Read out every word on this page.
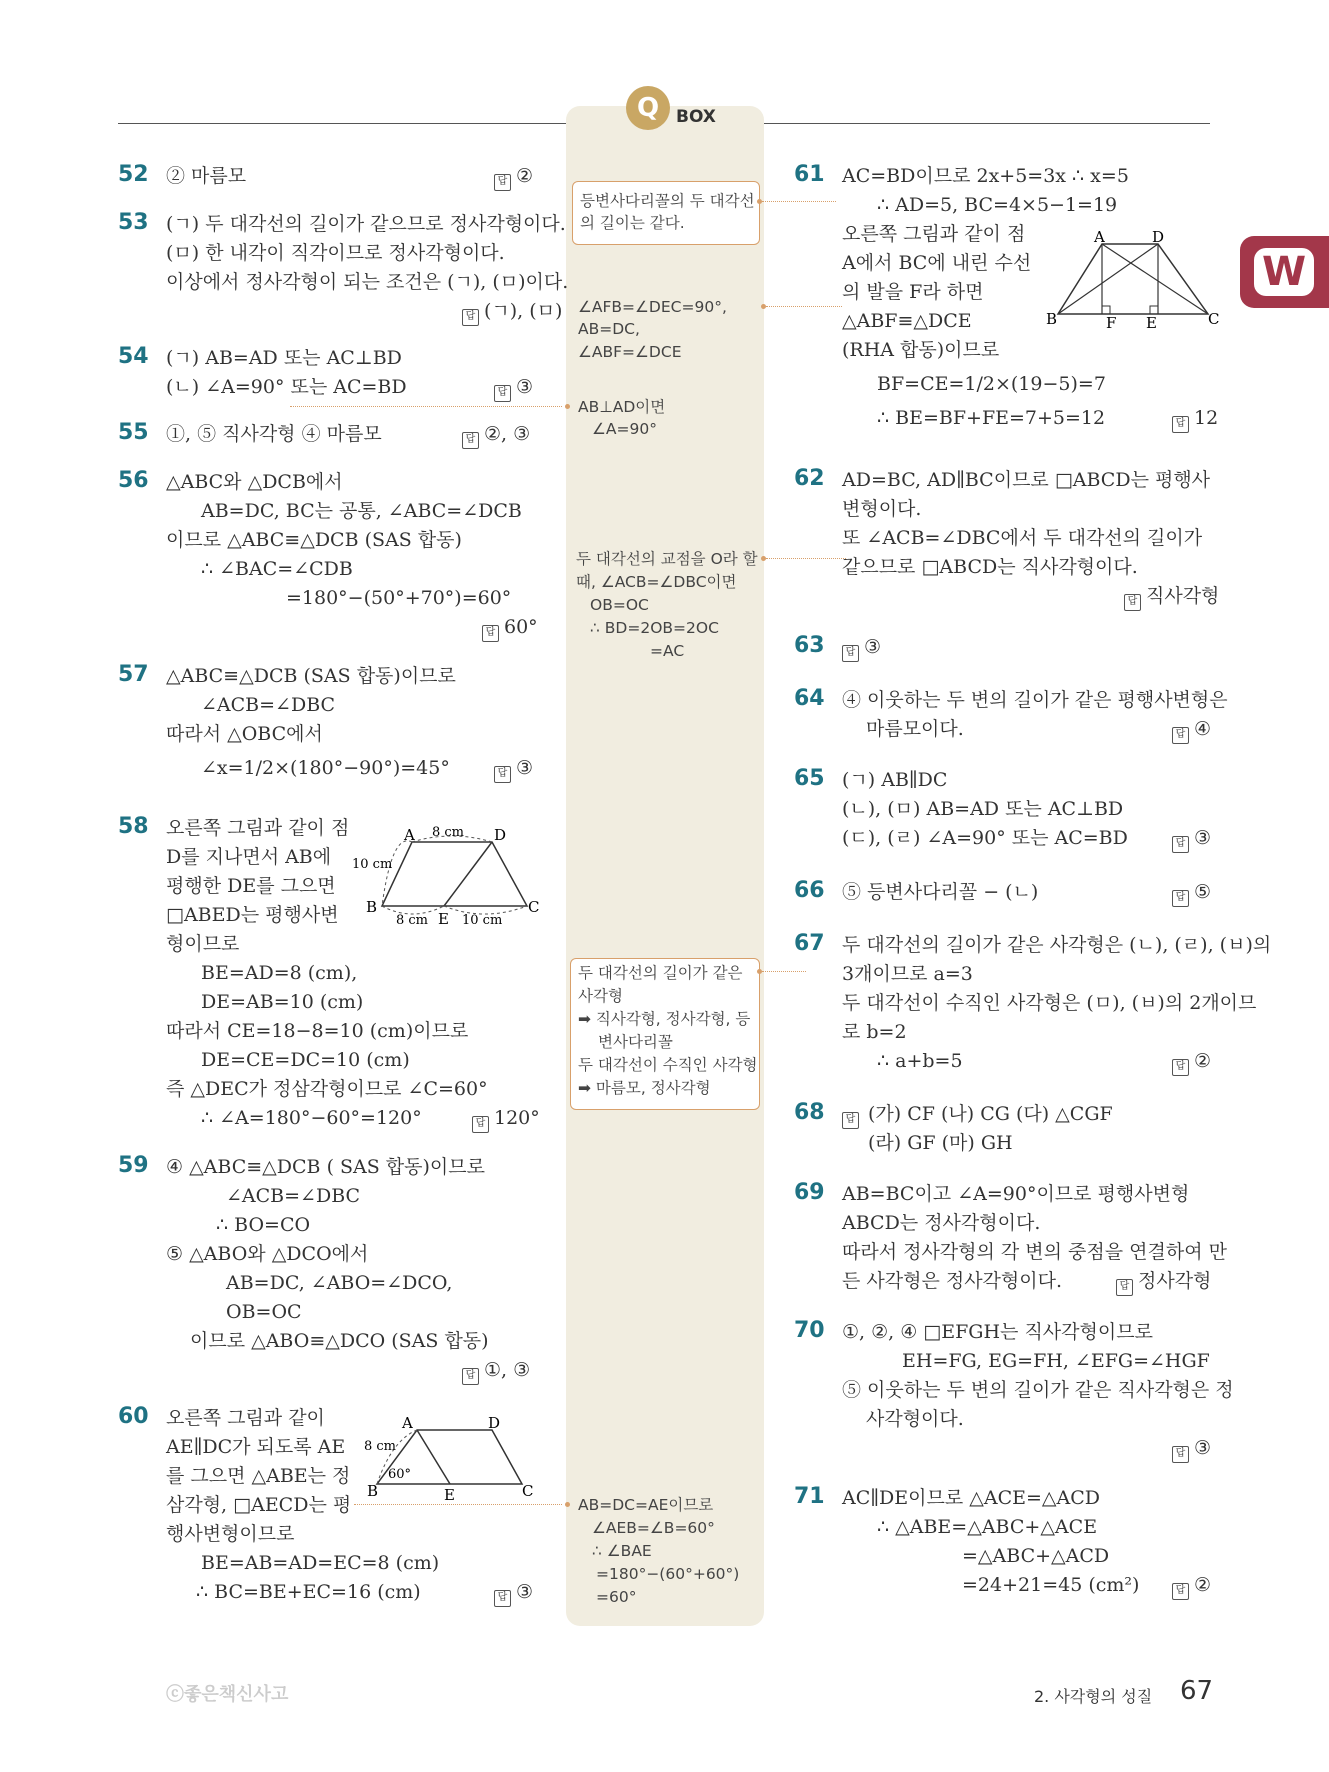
Q BOX
W
등변사다리꼴의 두 대각선
의 길이는 같다.
∠AFB=∠DEC=90°,
AB=DC,
∠ABF=∠DCE
AB⊥AD이면
∠A=90°
두 대각선의 교점을 O라 할
때, ∠ACB=∠DBC이면
OB=OC
∴ BD=2OB=2OC
=AC
두 대각선의 길이가 같은
사각형
➡ 직사각형, 정사각형, 등
변사다리꼴
두 대각선이 수직인 사각형
➡ 마름모, 정사각형
AB=DC=AE이므로
∠AEB=∠B=60°
∴ ∠BAE
=180°−(60°+60°)
=60°
A	D
B
E
C
8 cm
10 cm
8 cm	10 cm
A	D
B	E	C
8 cm
60°
A	D
B	F E	C
ⓒ좋은책신사고	2. 사각형의 성질 67
52 ② 마름모	답 ②
53 (ㄱ) 두 대각선의 길이가 같으므로 정사각형이다.
(ㅁ) 한 내각이 직각이므로 정사각형이다.
이상에서 정사각형이 되는 조건은 (ㄱ), (ㅁ)이다.
답 (ㄱ), (ㅁ)
54 (ㄱ) AB=AD 또는 AC⊥BD
(ㄴ) ∠A=90° 또는 AC=BD	답 ③
55 ①, ⑤ 직사각형 ④ 마름모	답 ②, ③
56 △ABC와 △DCB에서
AB=DC, BC는 공통, ∠ABC=∠DCB
이므로 △ABC≡△DCB (SAS 합동)
∴ ∠BAC=∠CDB
=180°−(50°+70°)=60°
답 60°
57 △ABC≡△DCB (SAS 합동)이므로
∠ACB=∠DBC
따라서 △OBC에서
∠x=1/2×(180°−90°)=45°	답 ③
58 오른쪽 그림과 같이 점
D를 지나면서 AB에
평행한 DE를 그으면
□ABED는 평행사변
형이므로
BE=AD=8 (cm),
DE=AB=10 (cm)
따라서 CE=18−8=10 (cm)이므로
DE=CE=DC=10 (cm)
즉 △DEC가 정삼각형이므로 ∠C=60°
∴ ∠A=180°−60°=120°	답 120°
59 ④ △ABC≡△DCB ( SAS 합동)이므로
∠ACB=∠DBC
∴ BO=CO
⑤ △ABO와 △DCO에서
AB=DC, ∠ABO=∠DCO,
OB=OC
이므로 △ABO≡△DCO (SAS 합동)
답 ①, ③
60 오른쪽 그림과 같이
AE∥DC가 되도록 AE
를 그으면 △ABE는 정
삼각형, □AECD는 평
행사변형이므로
BE=AB=AD=EC=8 (cm)
∴ BC=BE+EC=16 (cm)	답 ③
61 AC=BD이므로 2x+5=3x ∴ x=5
∴ AD=5, BC=4×5−1=19
오른쪽 그림과 같이 점
A에서 BC에 내린 수선
의 발을 F라 하면
△ABF≡△DCE
(RHA 합동)이므로
BF=CE=1/2×(19−5)=7
∴ BE=BF+FE=7+5=12	답 12
62 AD=BC, AD∥BC이므로 □ABCD는 평행사
변형이다.
또 ∠ACB=∠DBC에서 두 대각선의 길이가
같으므로 □ABCD는 직사각형이다.
답 직사각형
63	답 ③
64 ④ 이웃하는 두 변의 길이가 같은 평행사변형은
마름모이다.	답 ④
65 (ㄱ) AB∥DC
(ㄴ), (ㅁ) AB=AD 또는 AC⊥BD
(ㄷ), (ㄹ) ∠A=90° 또는 AC=BD	답 ③
66 ⑤ 등변사다리꼴 − (ㄴ)	답 ⑤
67 두 대각선의 길이가 같은 사각형은 (ㄴ), (ㄹ), (ㅂ)의
3개이므로 a=3
두 대각선이 수직인 사각형은 (ㅁ), (ㅂ)의 2개이므
로 b=2
∴ a+b=5	답 ②
68 (가) CF (나) CG (다) △CGF
(라) GF (마) GH
답
69 AB=BC이고 ∠A=90°이므로 평행사변형
ABCD는 정사각형이다.
따라서 정사각형의 각 변의 중점을 연결하여 만
든 사각형은 정사각형이다.	답 정사각형
70 ①, ②, ④ □EFGH는 직사각형이므로
EH=FG, EG=FH, ∠EFG=∠HGF
⑤ 이웃하는 두 변의 길이가 같은 직사각형은 정
사각형이다.
답 ③
71 AC∥DE이므로 △ACE=△ACD
∴ △ABE=△ABC+△ACE
=△ABC+△ACD
=24+21=45 (cm²)	답 ②
